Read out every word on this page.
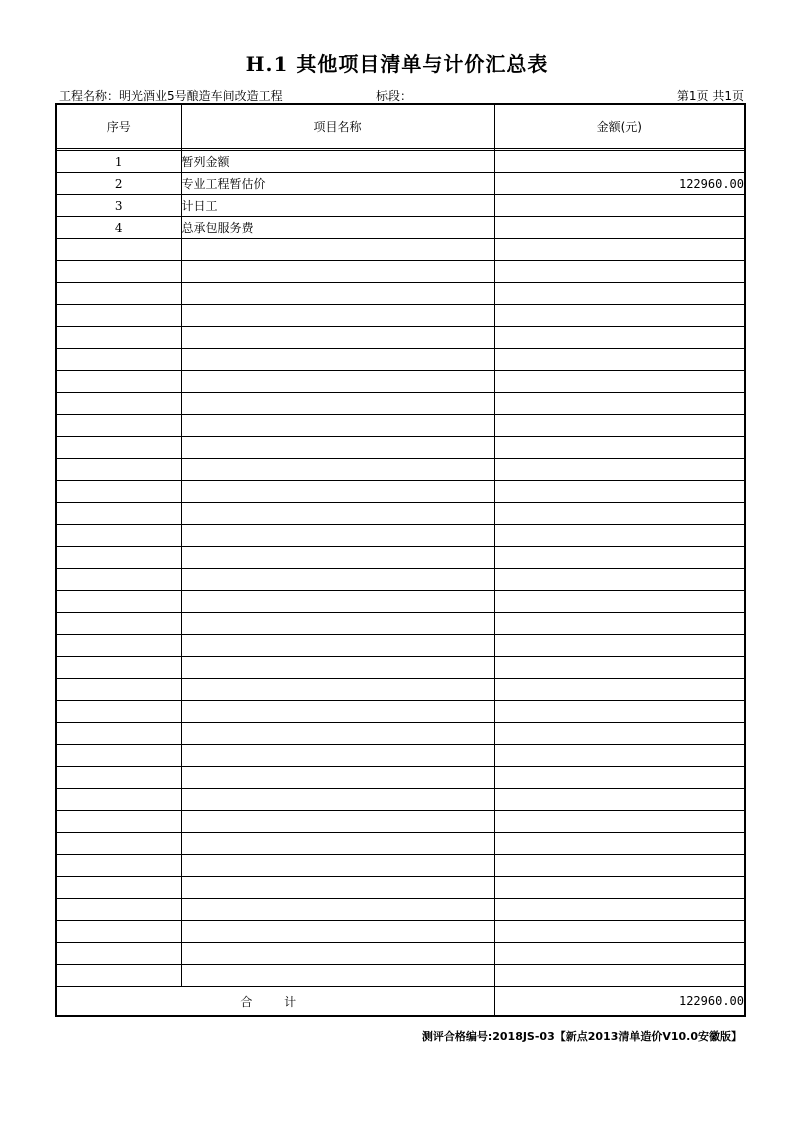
H.1 其他项目清单与计价汇总表
工程名称：明光酒业5号酿造车间改造工程	标段：	第1页 共1页
序号	项目名称	金额(元)

1	暂列金额	
2	专业工程暂估价	122960.00
3	计日工	
4	总承包服务费	

合 计		122960.00
测评合格编号:2018JS-03【新点2013清单造价V10.0安徽版】
